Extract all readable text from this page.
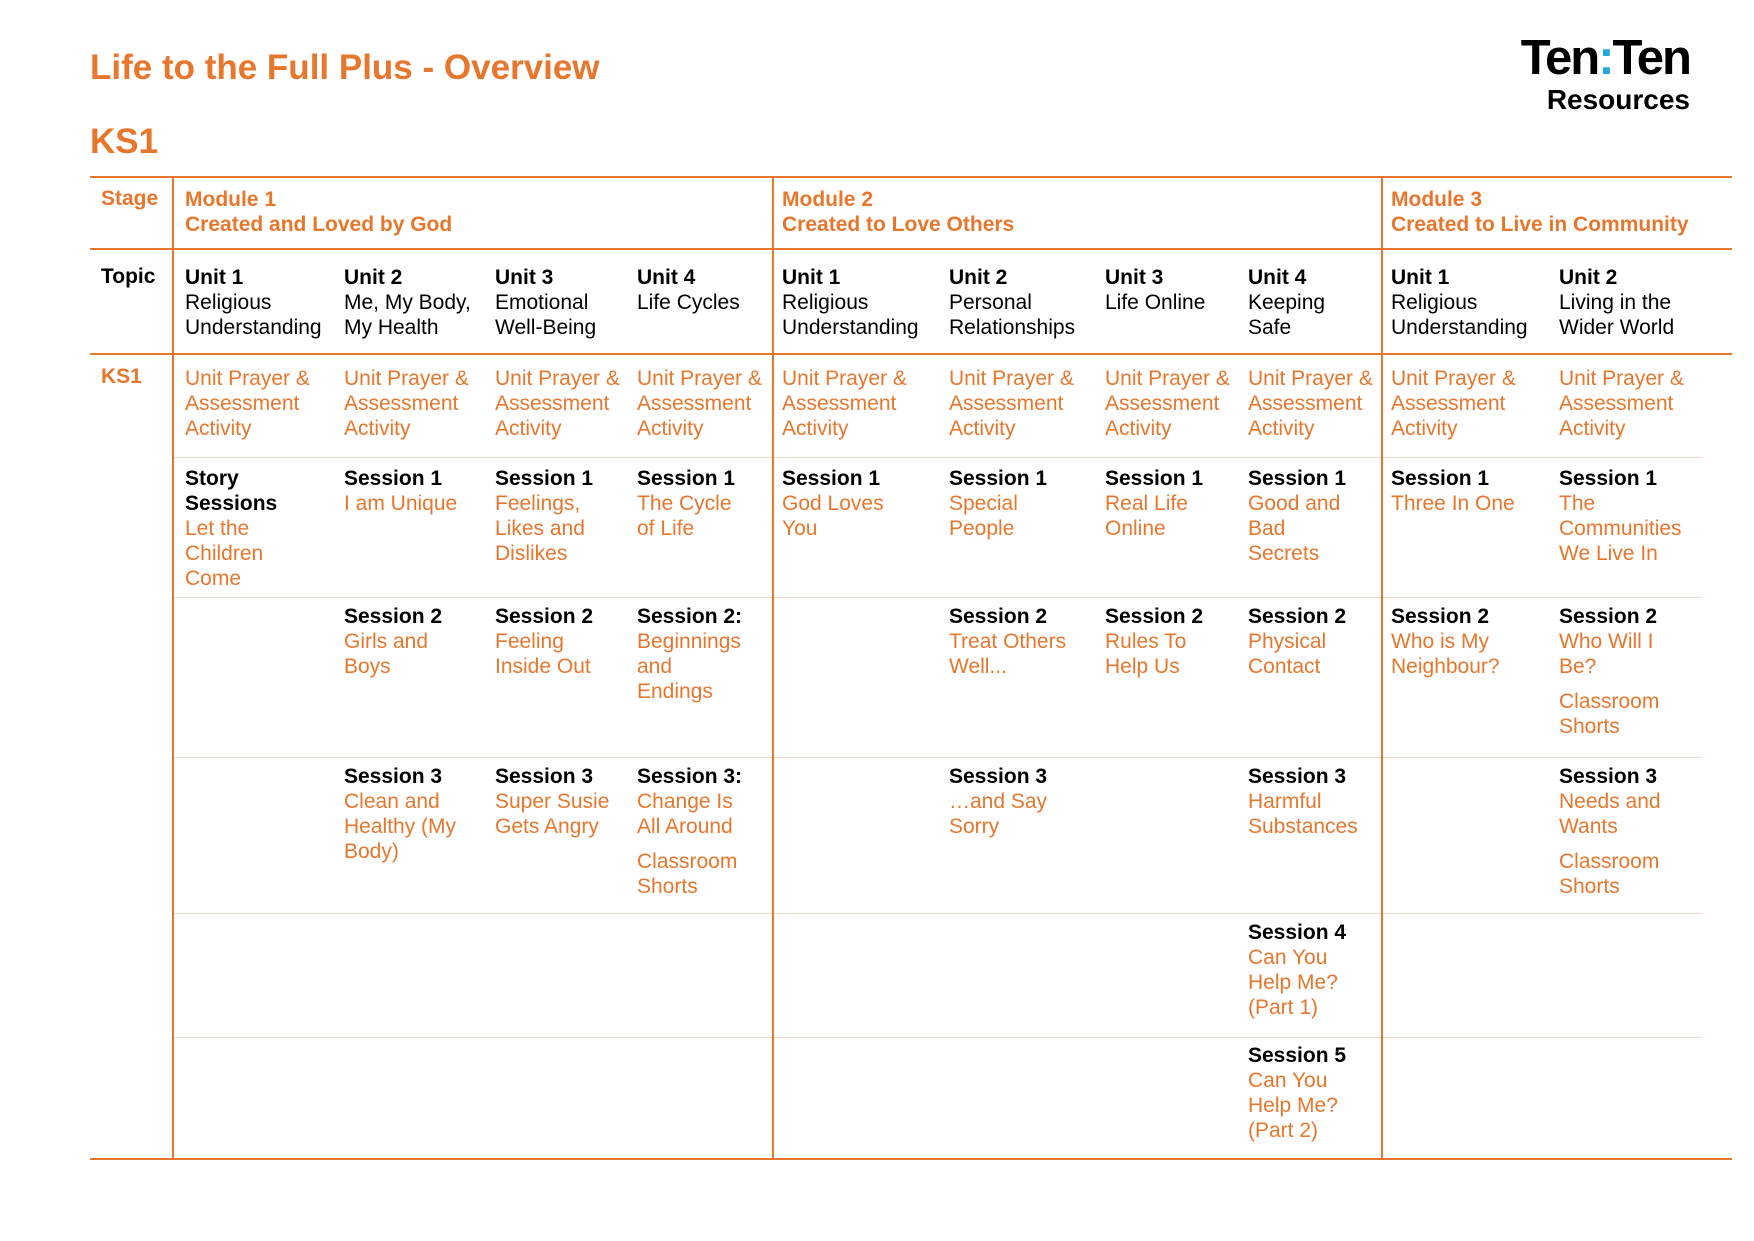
Life to the Full Plus - Overview
KS1
Ten:Ten
Resources
Stage
Topic
KS1

Module 1

Created and Loved by God

Module 2

Created to Love Others

Module 3

Created to Live in Community

Unit 1

Religious

Understanding

Unit 2

Me, My Body,

My Health

Unit 3

Emotional

Well-Being

Unit 4

Life Cycles

Unit 1

Religious

Understanding

Unit 2

Personal

Relationships

Unit 3

Life Online

Unit 4

Keeping

Safe

Unit 1

Religious

Understanding

Unit 2

Living in the

Wider World

Unit Prayer &

Assessment

Activity

Unit Prayer &

Assessment

Activity

Unit Prayer &

Assessment

Activity

Unit Prayer &

Assessment

Activity

Unit Prayer &

Assessment

Activity

Unit Prayer &

Assessment

Activity

Unit Prayer &

Assessment

Activity

Unit Prayer &

Assessment

Activity

Unit Prayer &

Assessment

Activity

Unit Prayer &

Assessment

Activity

Story

Sessions

Let the

Children

Come

Session 1

I am Unique

Session 1

Feelings,

Likes and

Dislikes

Session 1

The Cycle

of Life

Session 1

God Loves

You

Session 1

Special

People

Session 1

Real Life

Online

Session 1

Good and

Bad

Secrets

Session 1

Three In One

Session 1

The

Communities

We Live In

Session 2

Girls and

Boys

Session 2

Feeling

Inside Out

Session 2:

Beginnings

and

Endings

Session 2

Treat Others

Well...

Session 2

Rules To

Help Us

Session 2

Physical

Contact

Session 2

Who is My

Neighbour?

Session 2

Who Will I

Be?

Classroom

Shorts

Session 3

Clean and

Healthy (My

Body)

Session 3

Super Susie

Gets Angry

Session 3:

Change Is

All Around

Classroom

Shorts

Session 3

…and Say

Sorry

Session 3

Harmful

Substances

Session 3

Needs and

Wants

Classroom

Shorts

Session 4

Can You

Help Me?

(Part 1)

Session 5

Can You

Help Me?

(Part 2)
